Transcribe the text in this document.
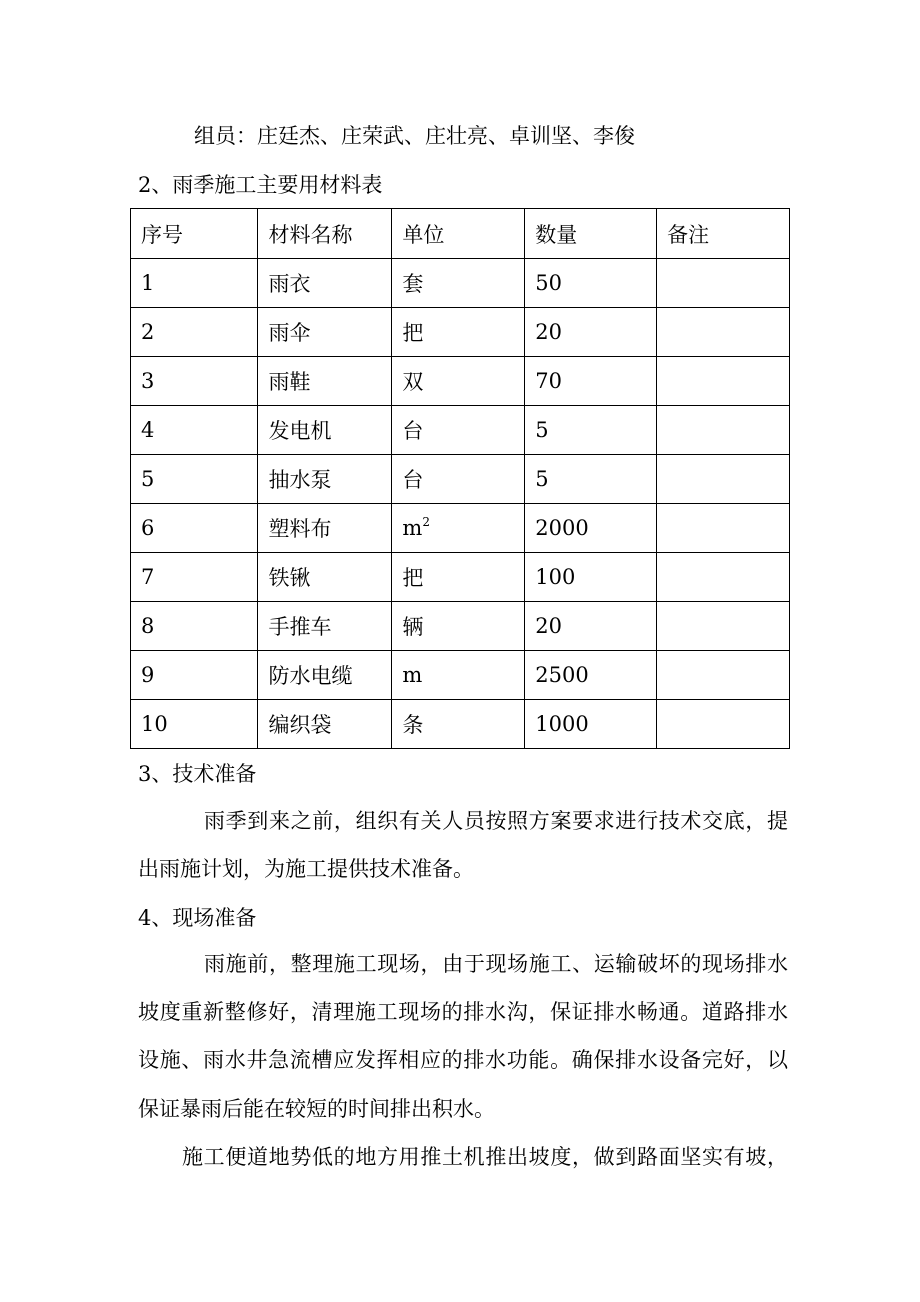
组员：庄廷杰、庄荣武、庄壮亮、卓训坚、李俊
2、雨季施工主要用材料表
序号	材料名称	单位	数量	备注
1	雨衣	套	50	
2	雨伞	把	20	
3	雨鞋	双	70	
4	发电机	台	5	
5	抽水泵	台	5	
6	塑料布	$m^2$	2000	
7	铁锹	把	100	
8	手推车	辆	20	
9	防水电缆	m	2500	
10	编织袋	条	1000	
3、技术准备
雨季到来之前，组织有关人员按照方案要求进行技术交底，提
出雨施计划，为施工提供技术准备。
4、现场准备
雨施前，整理施工现场，由于现场施工、运输破坏的现场排水
坡度重新整修好，清理施工现场的排水沟，保证排水畅通。道路排水
设施、雨水井急流槽应发挥相应的排水功能。确保排水设备完好，以
保证暴雨后能在较短的时间排出积水。
施工便道地势低的地方用推土机推出坡度，做到路面坚实有坡，
